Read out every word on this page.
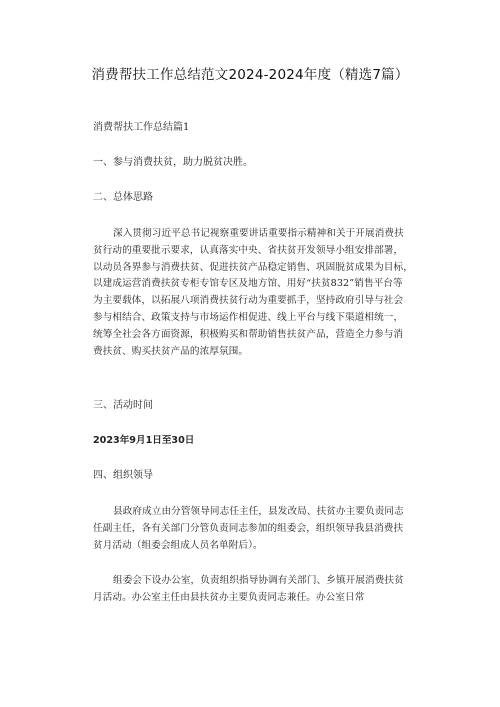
消费帮扶工作总结范文2024-2024年度（精选7篇）
消费帮扶工作总结篇1
一、参与消费扶贫，助力脱贫决胜。
二、总体思路
深入贯彻习近平总书记视察重要讲话重要指示精神和关于开展消费扶
贫行动的重要批示要求，认真落实中央、省扶贫开发领导小组安排部署，
以动员各界参与消费扶贫、促进扶贫产品稳定销售、巩固脱贫成果为目标，
以建成运营消费扶贫专柜专馆专区及地方馆、用好“扶贫832”销售平台等
为主要载体，以拓展八项消费扶贫行动为重要抓手，坚持政府引导与社会
参与相结合、政策支持与市场运作相促进、线上平台与线下渠道相统一，
统筹全社会各方面资源，积极购买和帮助销售扶贫产品，营造全力参与消
费扶贫、购买扶贫产品的浓厚氛围。
三、活动时间
2023年9月1日至30日
四、组织领导
县政府成立由分管领导同志任主任，县发改局、扶贫办主要负责同志
任副主任，各有关部门分管负责同志参加的组委会，组织领导我县消费扶
贫月活动（组委会组成人员名单附后）。
组委会下设办公室，负责组织指导协调有关部门、乡镇开展消费扶贫
月活动。办公室主任由县扶贫办主要负责同志兼任。办公室日常
